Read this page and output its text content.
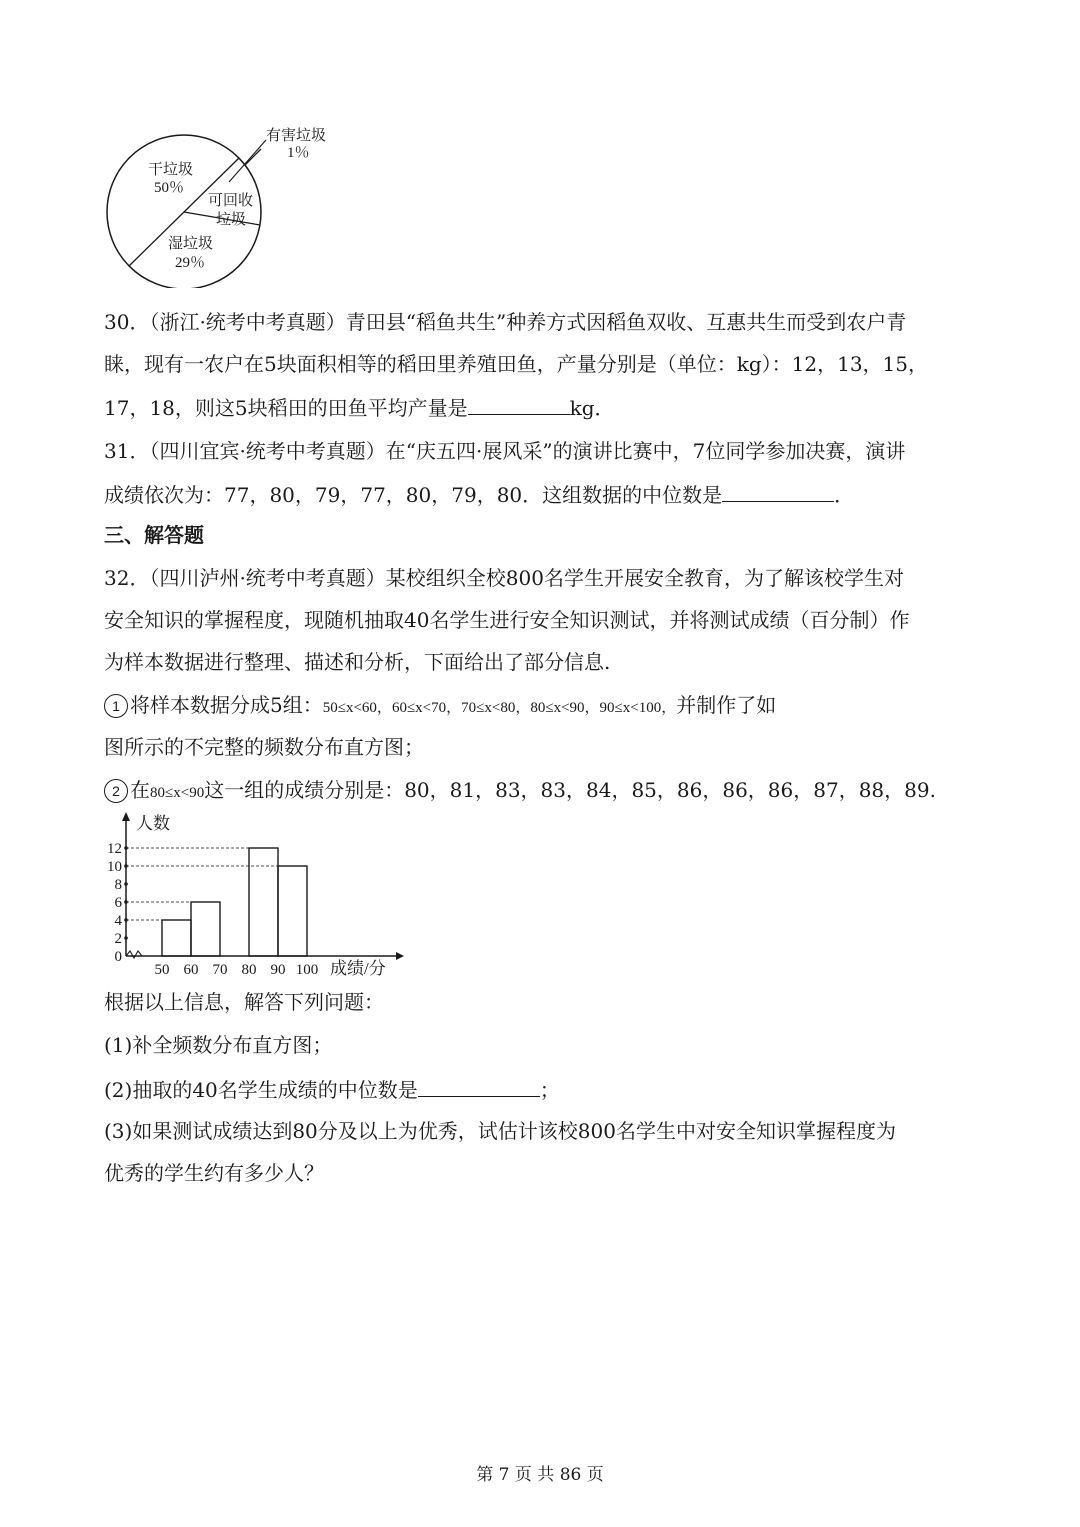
干垃圾
50％
有害垃圾
1％
可回收
垃圾
湿垃圾
29％
30．（浙江·统考中考真题）青田县“稻鱼共生”种养方式因稻鱼双收、互惠共生而受到农户青
睐，现有一农户在5块面积相等的稻田里养殖田鱼，产量分别是（单位：kg）：12，13，15，
17，18，则这5块稻田的田鱼平均产量是	kg．
31．（四川宜宾·统考中考真题）在“庆五四·展风采”的演讲比赛中，7位同学参加决赛，演讲
成绩依次为：77，80，79，77，80，79，80．这组数据的中位数是	．
三、解答题
32．（四川泸州·统考中考真题）某校组织全校800名学生开展安全教育，为了解该校学生对
安全知识的掌握程度，现随机抽取40名学生进行安全知识测试，并将测试成绩（百分制）作
为样本数据进行整理、描述和分析，下面给出了部分信息.
1 将样本数据分成5组：50≤x<60，60≤x<70，70≤x<80，80≤x<90，90≤x<100，并制作了如
图所示的不完整的频数分布直方图；
2 在80≤x<90这一组的成绩分别是：80，81，83，83，84，85，86，86，86，87，88，89.
0
2
4
6
8
10
12
50 60 70 80 90 100
人数
成绩/分
根据以上信息，解答下列问题：
(1)补全频数分布直方图；
(2)抽取的40名学生成绩的中位数是	；
(3)如果测试成绩达到80分及以上为优秀，试估计该校800名学生中对安全知识掌握程度为
优秀的学生约有多少人？
第 7 页 共 86 页
